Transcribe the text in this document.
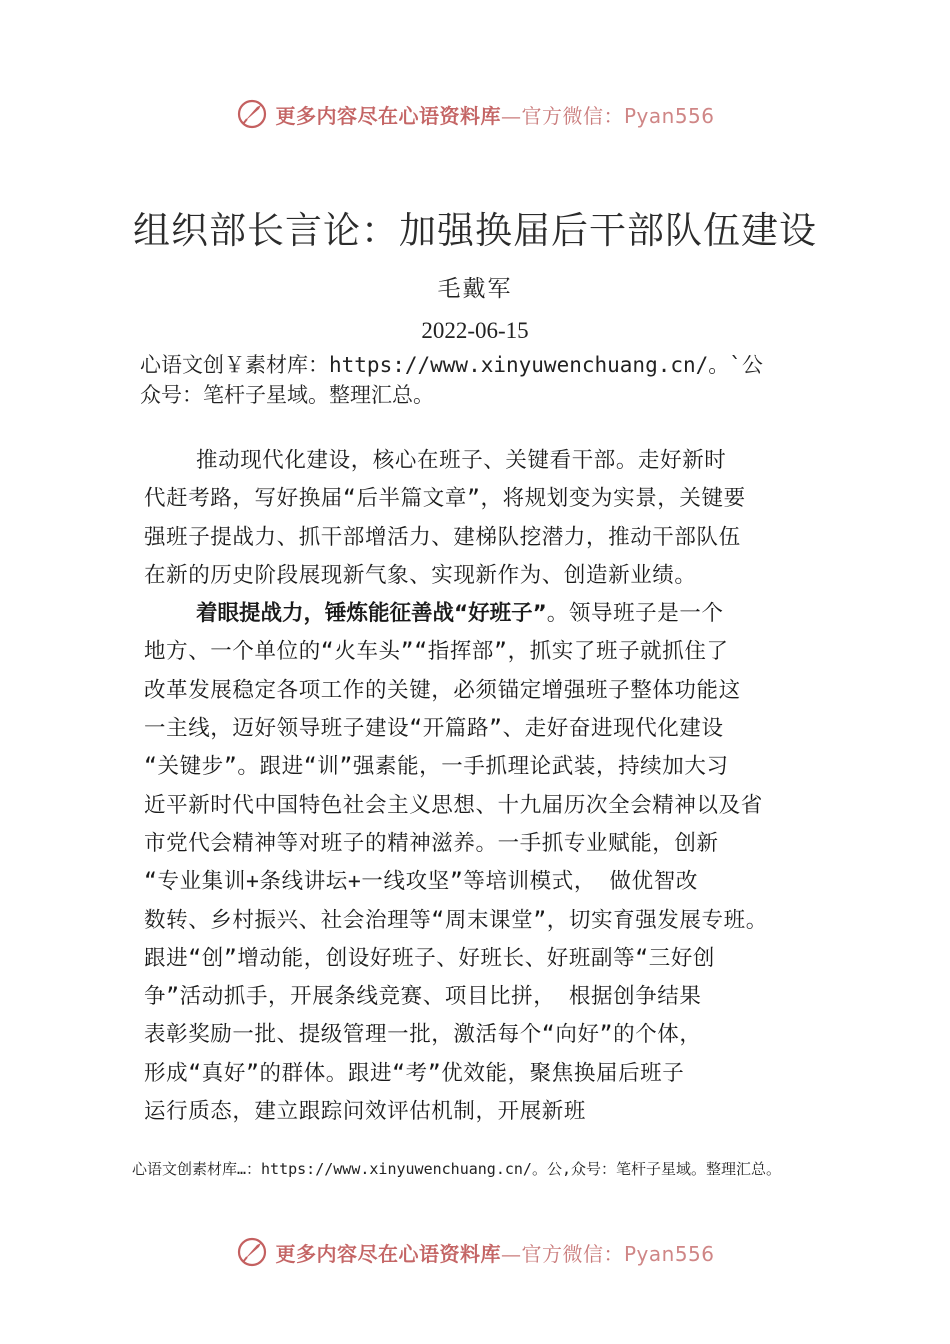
更多内容尽在心语资料库—官方微信：Pyan556
组织部长言论：加强换届后干部队伍建设
毛戴军
2022-06-15
心语文创￥素材库：https://www.xinyuwenchuang.cn/。`公
众号：笔杆子星域。整理汇总。
推动现代化建设，核心在班子、关键看干部。走好新时
代赶考路，写好换届“后半篇文章”，将规划变为实景，关键要
强班子提战力、抓干部增活力、建梯队挖潜力，推动干部队伍
在新的历史阶段展现新气象、实现新作为、创造新业绩。
着眼提战力，锤炼能征善战“好班子”。领导班子是一个
地方、一个单位的“火车头”“指挥部”，抓实了班子就抓住了
改革发展稳定各项工作的关键，必须锚定增强班子整体功能这
一主线，迈好领导班子建设“开篇路”、走好奋进现代化建设
“关键步”。跟进“训”强素能，一手抓理论武装，持续加大习
近平新时代中国特色社会主义思想、十九届历次全会精神以及省
市党代会精神等对班子的精神滋养。一手抓专业赋能，创新
“专业集训+条线讲坛+一线攻坚”等培训模式， 做优智改
数转、乡村振兴、社会治理等“周末课堂”，切实育强发展专班。
跟进“创”增动能，创设好班子、好班长、好班副等“三好创
争”活动抓手，开展条线竞赛、项目比拼， 根据创争结果
表彰奖励一批、提级管理一批，激活每个“向好”的个体，
形成“真好”的群体。跟进“考”优效能，聚焦换届后班子
运行质态，建立跟踪问效评估机制，开展新班
心语文创素材库…：https://www.xinyuwenchuang.cn/。公,众号：笔杆子星域。整理汇总。
更多内容尽在心语资料库—官方微信：Pyan556
